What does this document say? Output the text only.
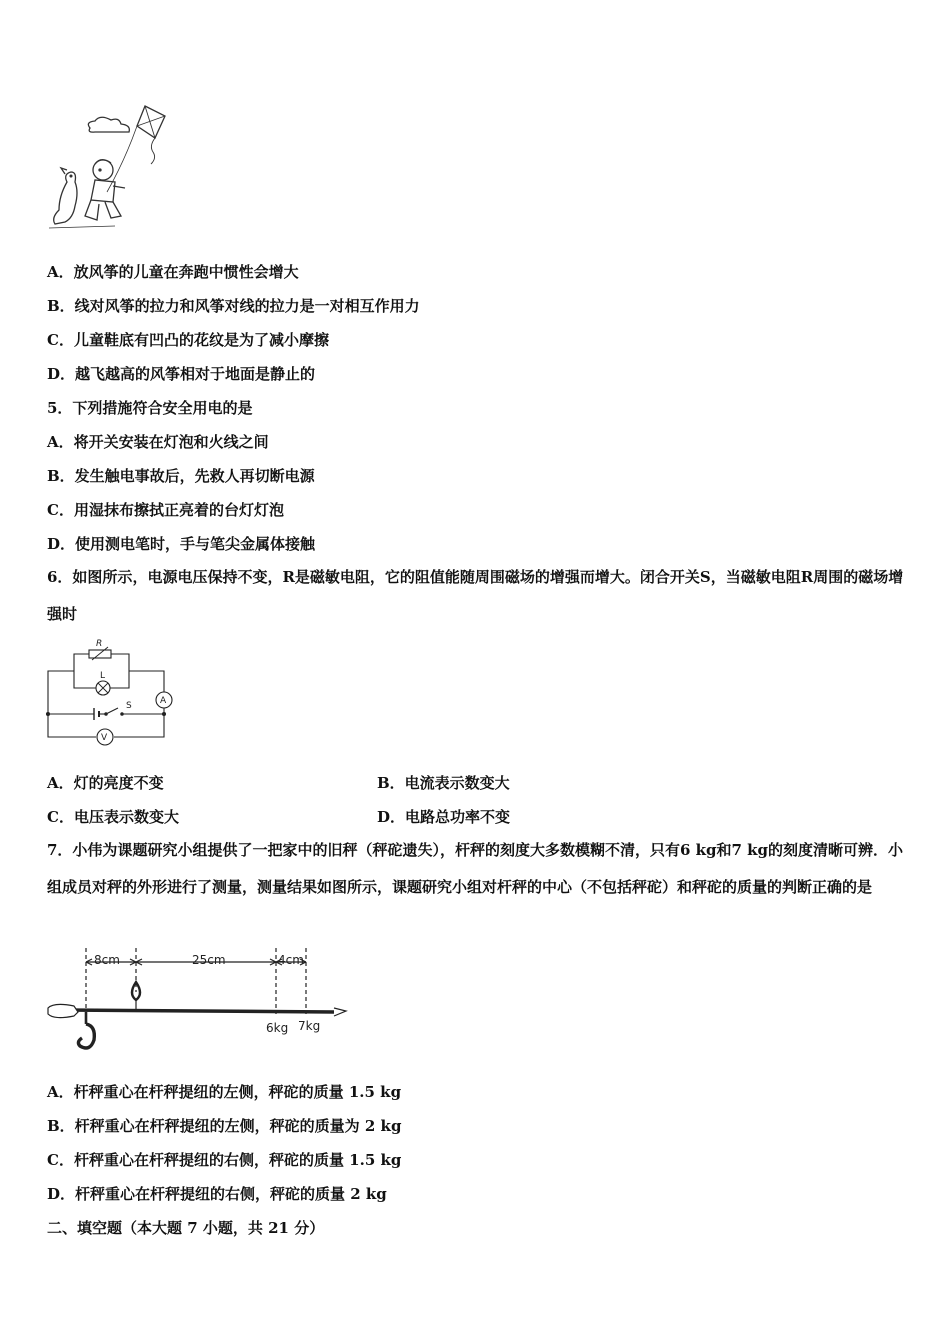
A．放风筝的儿童在奔跑中惯性会增大
B．线对风筝的拉力和风筝对线的拉力是一对相互作用力
C．儿童鞋底有凹凸的花纹是为了减小摩擦
D．越飞越高的风筝相对于地面是静止的
5．下列措施符合安全用电的是
A．将开关安装在灯泡和火线之间
B．发生触电事故后，先救人再切断电源
C．用湿抹布擦拭正亮着的台灯灯泡
D．使用测电笔时，手与笔尖金属体接触
6．如图所示，电源电压保持不变，R是磁敏电阻，它的阻值能随周围磁场的增强而增大。闭合开关S，当磁敏电阻R周围的磁场增强时
R
L
A
S
V
A．灯的亮度不变	B．电流表示数变大
C．电压表示数变大	D．电路总功率不变
7．小伟为课题研究小组提供了一把家中的旧秤（秤砣遗失），杆秤的刻度大多数模糊不清，只有6 kg和7 kg的刻度清晰可辨．小组成员对秤的外形进行了测量，测量结果如图所示，课题研究小组对杆秤的中心（不包括秤砣）和秤砣的质量的判断正确的是
8cm	25cm	4cm
6kg 7kg
A．杆秤重心在杆秤提纽的左侧，秤砣的质量 1.5 kg
B．杆秤重心在杆秤提纽的左侧，秤砣的质量为 2 kg
C．杆秤重心在杆秤提纽的右侧，秤砣的质量 1.5 kg
D．杆秤重心在杆秤提纽的右侧，秤砣的质量 2 kg
二、填空题（本大题 7 小题，共 21 分）
